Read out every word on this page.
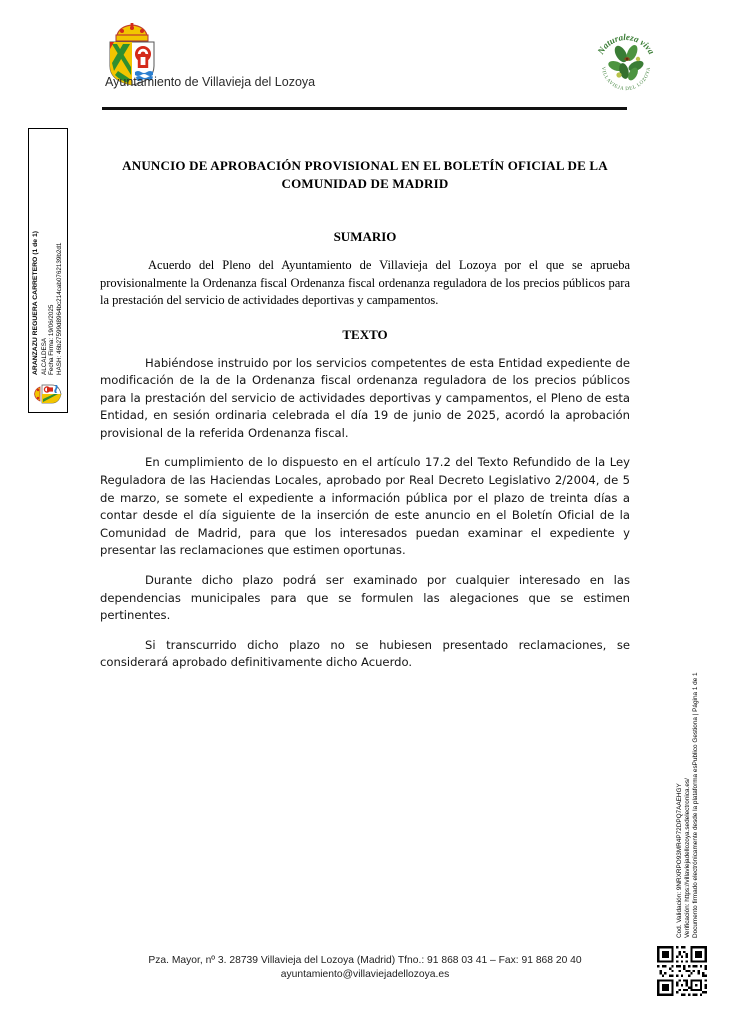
Ayuntamiento de Villavieja del Lozoya
Naturaleza viva
VILLAVIEJA DEL LOZOYA
ANUNCIO DE APROBACIÓN PROVISIONAL EN EL BOLETÍN OFICIAL DE LA COMUNIDAD DE MADRID
SUMARIO

Acuerdo del Pleno del Ayuntamiento de Villavieja del Lozoya por el que se aprueba provisionalmente la Ordenanza fiscal Ordenanza fiscal ordenanza reguladora de los precios públicos para la prestación del servicio de actividades deportivas y campamentos.

TEXTO

Habiéndose instruido por los servicios competentes de esta Entidad expediente de modificación de la de la Ordenanza fiscal ordenanza reguladora de los precios públicos para la prestación del servicio de actividades deportivas y campamentos, el Pleno de esta Entidad, en sesión ordinaria celebrada el día 19 de junio de 2025, acordó la aprobación provisional de la referida Ordenanza fiscal.

En cumplimiento de lo dispuesto en el artículo 17.2 del Texto Refundido de la Ley Reguladora de las Haciendas Locales, aprobado por Real Decreto Legislativo 2/2004, de 5 de marzo, se somete el expediente a información pública por el plazo de treinta días a contar desde el día siguiente de la inserción de este anuncio en el Boletín Oficial de la Comunidad de Madrid, para que los interesados puedan examinar el expediente y presentar las reclamaciones que estimen oportunas.

Durante dicho plazo podrá ser examinado por cualquier interesado en las dependencias municipales para que se formulen las alegaciones que se estimen pertinentes.

Si transcurrido dicho plazo no se hubiesen presentado reclamaciones, se considerará aprobado definitivamente dicho Acuerdo.

ARANZAZU REGUERA CARRETERO (1 de 1) ALCALDESA Fecha Firma: 19/06/2025 HASH: 46b27599d8964bc214cab0762139b2d1
Cod. Validación: 9NRXRPO93MR4P72DPQ7AAEHGY Verificación: https://villaviejadellozoya.sedelectronica.es/ Documento firmado electrónicamente desde la plataforma esPublico Gestiona | Página 1 de 1
Pza. Mayor, nº 3. 28739 Villavieja del Lozoya (Madrid) Tfno.: 91 868 03 41 – Fax: 91 868 20 40
ayuntamiento@villaviejadellozoya.es
